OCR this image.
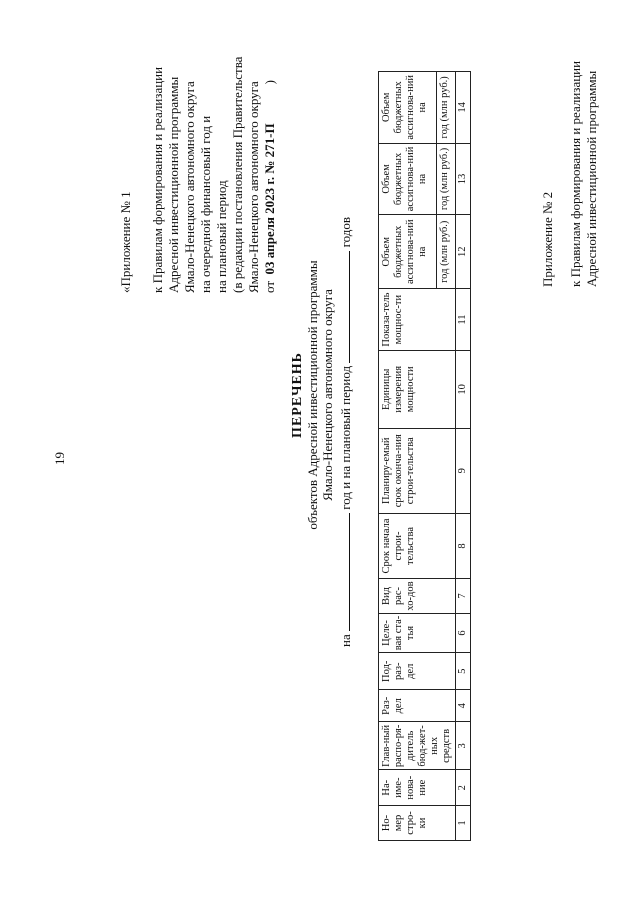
19
«Приложение № 1 к Правилам формирования и реализации Адресной инвестиционной программы Ямало-Ненецкого автономного округа на очередной финансовый год и на плановый период (в редакции постановления Правительства Ямало-Ненецкого автономного округа от  03 апреля 2023 г. № 271-П            )
ПЕРЕЧЕНЬ объектов Адресной инвестиционной программы Ямало-Ненецкого автономного округа
на  год и на плановый период  годов
Но-мер стро-ки	На-име-нова-ние	Глав-ный распо-ря-дитель бюд-жет-ных средств	Раз-дел	Под-раз-дел	Целе-вая ста-тья	Вид рас-хо-дов	Срок начала строи-тельства	Планиру-емый срок оконча-ния строи-тельства	Единицы измерения мощности	Показа-тель мощнос-ти	Объем бюджетных ассигнова-ний на	Объем бюджетных ассигнова-ний на	Объем бюджетных ассигнова-ний на
											год (млн руб.)	год (млн руб.)	год (млн руб.)
1	2	3	4	5	6	7	8	9	10	11	12	13	14
Приложение № 2 к Правилам формирования и реализации Адресной инвестиционной программы
